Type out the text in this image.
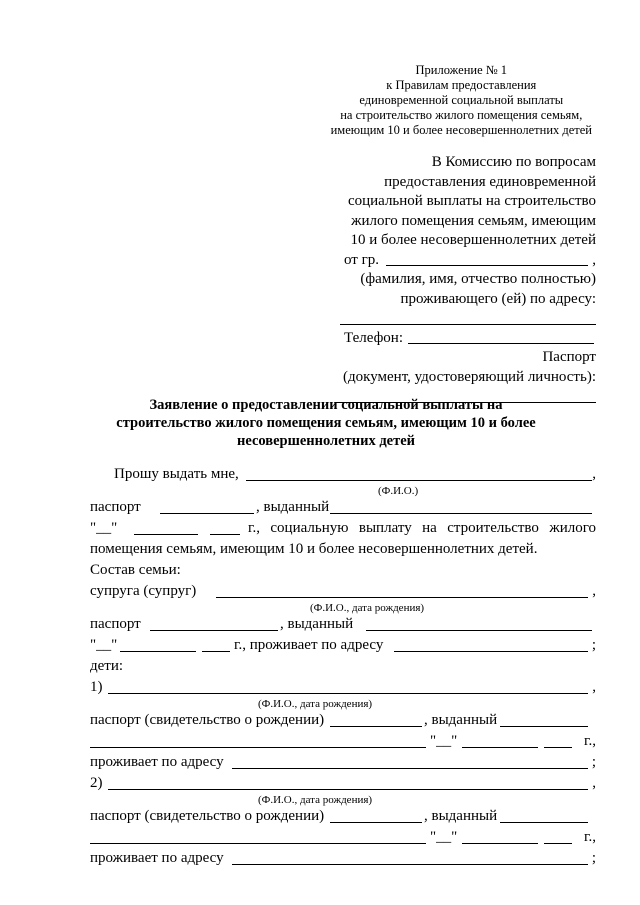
Приложение № 1
к Правилам предоставления
единовременной социальной выплаты
на строительство жилого помещения семьям,
имеющим 10 и более несовершеннолетних детей
В Комиссию по вопросам
предоставления единовременной
социальной выплаты на строительство
жилого помещения семьям, имеющим
10 и более несовершеннолетних детей
от гр.	,
(фамилия, имя, отчество полностью)
проживающего (ей) по адресу:
Телефон:
Паспорт
(документ, удостоверяющий личность):
Заявление о предоставлении социальной выплаты на
строительство жилого помещения семьям, имеющим 10 и более
несовершеннолетних детей
Прошу выдать мне,	,
(Ф.И.О.)
паспорт	, выданный
"__"	г., социальную выплату на строительство жилого
помещения семьям, имеющим 10 и более несовершеннолетних детей.
Состав семьи:
супруга (супруг)	,
(Ф.И.О., дата рождения)
паспорт	, выданный
"__"	г., проживает по адресу	;
дети:
1)	,
(Ф.И.О., дата рождения)
паспорт (свидетельство о рождении)	, выданный
"__"	г.,
проживает по адресу	;
2)	,
(Ф.И.О., дата рождения)
паспорт (свидетельство о рождении)	, выданный
"__"	г.,
проживает по адресу	;
